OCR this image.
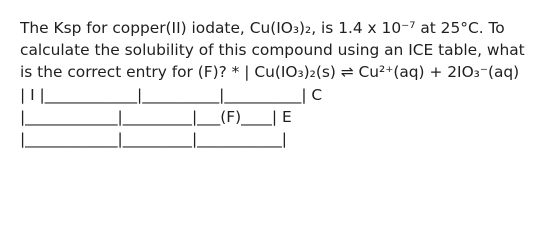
The Ksp for copper(II) iodate, Cu(IO₃)₂, is 1.4 x 10⁻⁷ at 25°C. To
calculate the solubility of this compound using an ICE table, what
is the correct entry for (F)? * | Cu(IO₃)₂(s) ⇌ Cu²⁺(aq) + 2IO₃⁻(aq)
| I |____________|__________|__________| C
|____________|_________|___(F)____| E
|____________|_________|___________|
